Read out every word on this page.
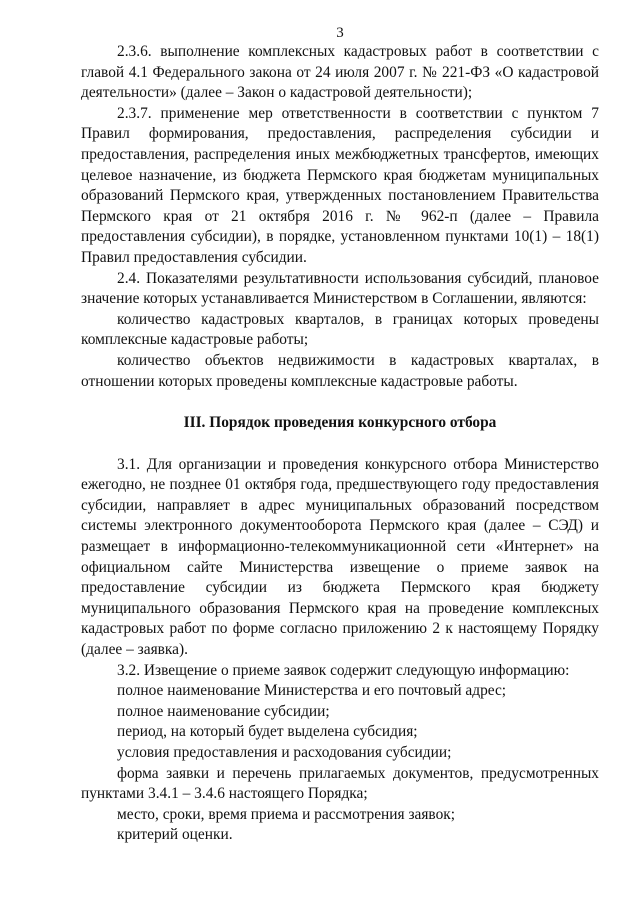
3

2.3.6. выполнение комплексных кадастровых работ в соответствии с главой 4.1 Федерального закона от 24 июля 2007 г. № 221-ФЗ «О кадастровой деятельности» (далее – Закон о кадастровой деятельности);

2.3.7. применение мер ответственности в соответствии с пунктом 7 Правил формирования, предоставления, распределения субсидии и предоставления, распределения иных межбюджетных трансфертов, имеющих целевое назначение, из бюджета Пермского края бюджетам муниципальных образований Пермского края, утвержденных постановлением Правительства Пермского края от 21 октября 2016 г. № 962-п (далее – Правила предоставления субсидии), в порядке, установленном пунктами 10(1) – 18(1) Правил предоставления субсидии.

2.4. Показателями результативности использования субсидий, плановое значение которых устанавливается Министерством в Соглашении, являются:

количество кадастровых кварталов, в границах которых проведены комплексные кадастровые работы;

количество объектов недвижимости в кадастровых кварталах, в отношении которых проведены комплексные кадастровые работы.

III. Порядок проведения конкурсного отбора

3.1. Для организации и проведения конкурсного отбора Министерство ежегодно, не позднее 01 октября года, предшествующего году предоставления субсидии, направляет в адрес муниципальных образований посредством системы электронного документооборота Пермского края (далее – СЭД) и размещает в информационно-телекоммуникационной сети «Интернет» на официальном сайте Министерства извещение о приеме заявок на предоставление субсидии из бюджета Пермского края бюджету муниципального образования Пермского края на проведение комплексных кадастровых работ по форме согласно приложению 2 к настоящему Порядку (далее – заявка).

3.2. Извещение о приеме заявок содержит следующую информацию:

полное наименование Министерства и его почтовый адрес;

полное наименование субсидии;

период, на который будет выделена субсидия;

условия предоставления и расходования субсидии;

форма заявки и перечень прилагаемых документов, предусмотренных пунктами 3.4.1 – 3.4.6 настоящего Порядка;

место, сроки, время приема и рассмотрения заявок;

критерий оценки.
